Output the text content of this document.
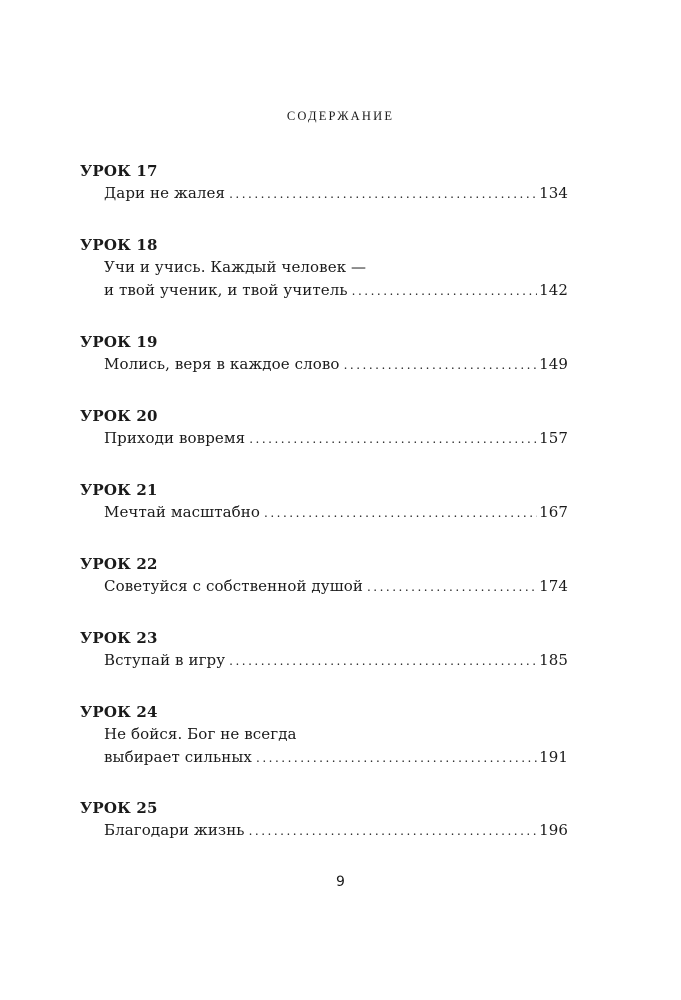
СОДЕРЖАНИЕ
УРОК 17
Дари не жалея .....	134
УРОК 18
Учи и учись. Каждый человек —
и твой ученик, и твой учитель .....	142
УРОК 19
Молись, веря в каждое слово .....	149
УРОК 20
Приходи вовремя .....	157
УРОК 21
Мечтай масштабно .....	167
УРОК 22
Советуйся с собственной душой .....	174
УРОК 23
Вступай в игру .....	185
УРОК 24
Не бойся. Бог не всегда
выбирает сильных .....	191
УРОК 25
Благодари жизнь .....	196
9
